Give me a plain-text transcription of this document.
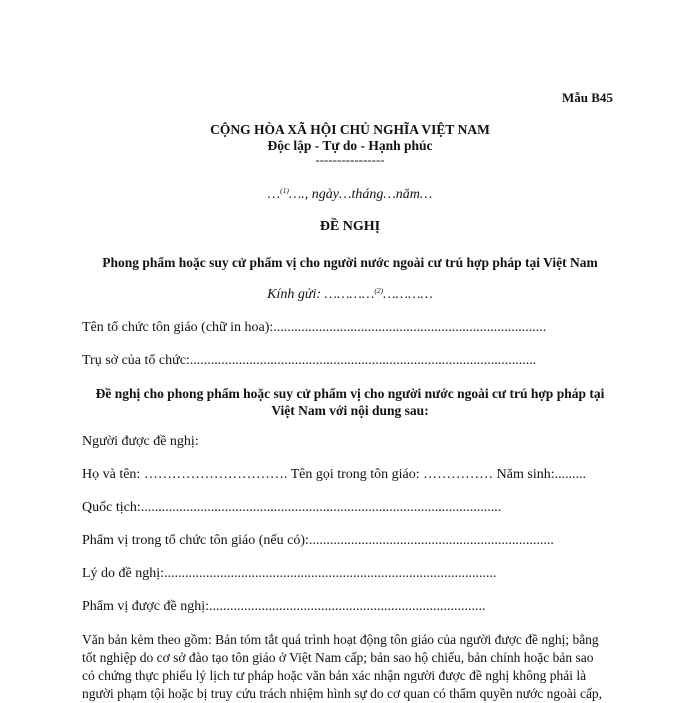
Mẫu B45
CỘNG HÒA XÃ HỘI CHỦ NGHĨA VIỆT NAM
Độc lập - Tự do - Hạnh phúc
----------------
…$^{(1)}$…., ngày…tháng…năm…
ĐỀ NGHỊ
Phong phẩm hoặc suy cử phẩm vị cho người nước ngoài cư trú hợp pháp tại Việt Nam
Kính gửi: …………$^{(2)}$…………
Tên tổ chức tôn giáo (chữ in hoa):..............................................................................
Trụ sở của tổ chức:...................................................................................................
Đề nghị cho phong phẩm hoặc suy cử phẩm vị cho người nước ngoài cư trú hợp pháp tại
Việt Nam với nội dung sau:
Người được đề nghị:
Họ và tên: …………………………. Tên gọi trong tôn giáo: …………… Năm sinh:.........
Quốc tịch:.......................................................................................................
Phẩm vị trong tổ chức tôn giáo (nếu có):......................................................................
Lý do đề nghị:...............................................................................................
Phẩm vị được đề nghị:...............................................................................
Văn bản kèm theo gồm: Bản tóm tắt quá trình hoạt động tôn giáo của người được đề nghị; bằng
tốt nghiệp do cơ sở đào tạo tôn giáo ở Việt Nam cấp; bản sao hộ chiếu, bản chính hoặc bản sao
có chứng thực phiếu lý lịch tư pháp hoặc văn bản xác nhận người được đề nghị không phải là
người phạm tội hoặc bị truy cứu trách nhiệm hình sự do cơ quan có thẩm quyền nước ngoài cấp,
